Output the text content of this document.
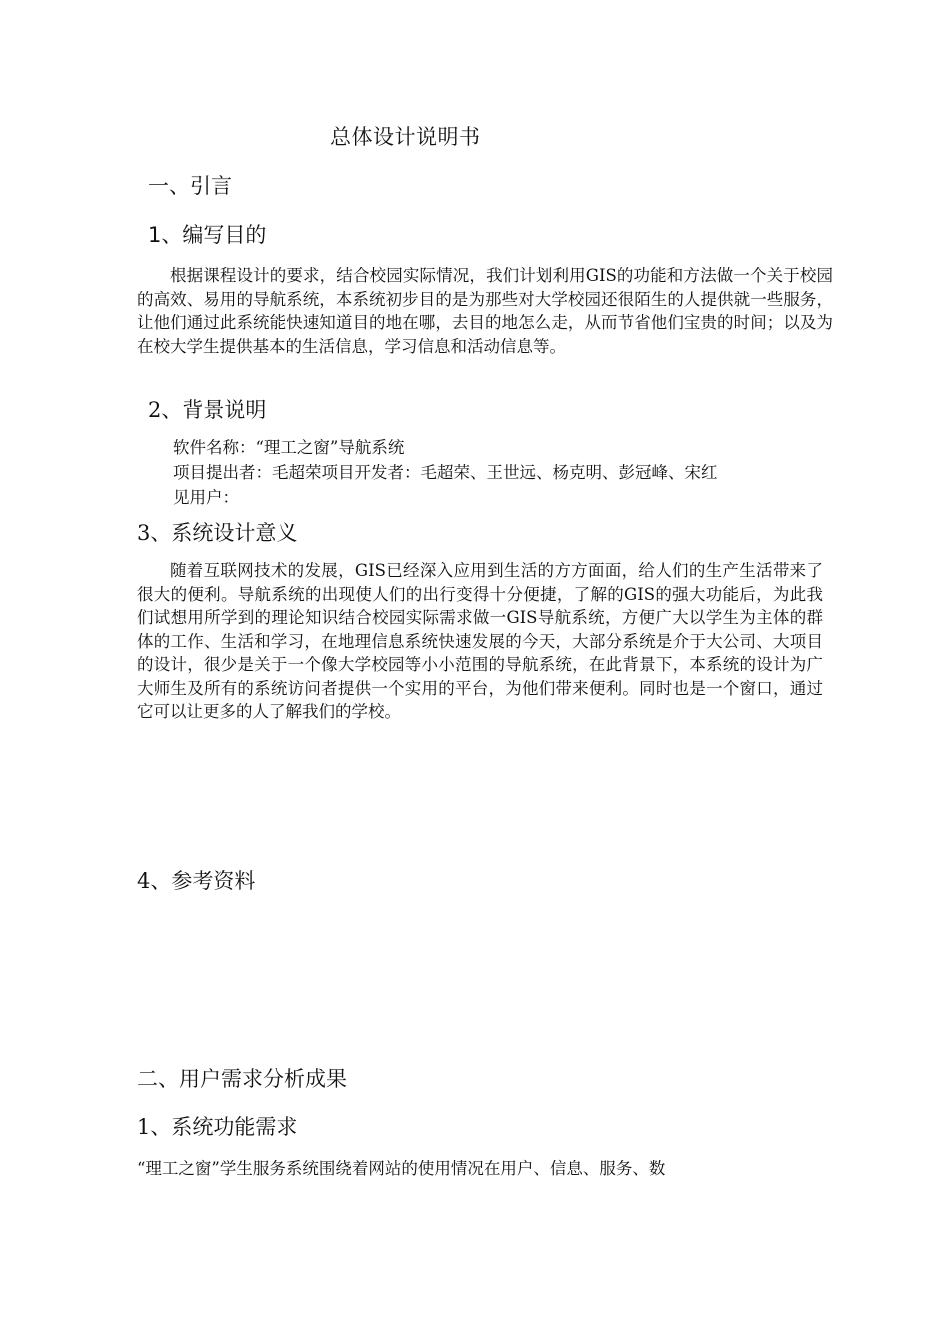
总体设计说明书
一、引言
1、编写目的
根据课程设计的要求，结合校园实际情况，我们计划利用GIS的功能和方法做一个关于校园的高效、易用的导航系统，本系统初步目的是为那些对大学校园还很陌生的人提供就一些服务，让他们通过此系统能快速知道目的地在哪，去目的地怎么走，从而节省他们宝贵的时间；以及为在校大学生提供基本的生活信息，学习信息和活动信息等。
2、背景说明
软件名称：“理工之窗”导航系统
项目提出者：毛超荣项目开发者：毛超荣、王世远、杨克明、彭冠峰、宋红
见用户：
3、系统设计意义
随着互联网技术的发展，GIS已经深入应用到生活的方方面面，给人们的生产生活带来了很大的便利。导航系统的出现使人们的出行变得十分便捷，了解的GIS的强大功能后，为此我们试想用所学到的理论知识结合校园实际需求做一GIS导航系统，方便广大以学生为主体的群体的工作、生活和学习，在地理信息系统快速发展的今天，大部分系统是介于大公司、大项目的设计，很少是关于一个像大学校园等小小范围的导航系统，在此背景下，本系统的设计为广大师生及所有的系统访问者提供一个实用的平台，为他们带来便利。同时也是一个窗口，通过它可以让更多的人了解我们的学校。
4、参考资料
二、用户需求分析成果
1、系统功能需求
“理工之窗”学生服务系统围绕着网站的使用情况在用户、信息、服务、数
